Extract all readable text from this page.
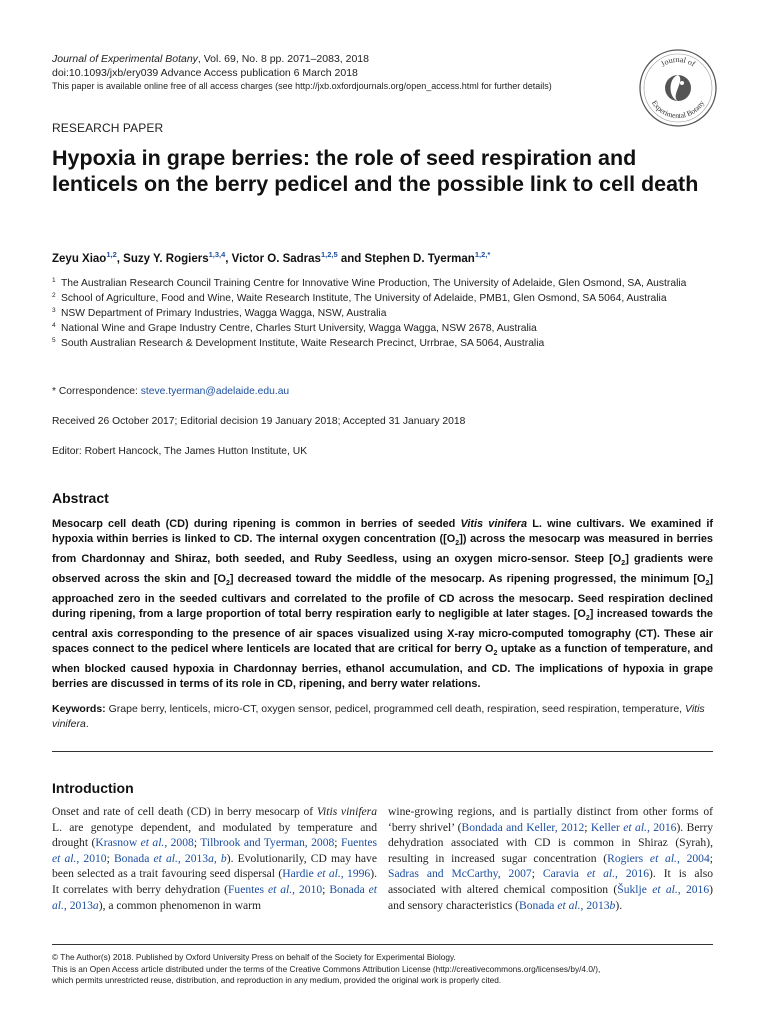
Journal of Experimental Botany, Vol. 69, No. 8 pp. 2071–2083, 2018
doi:10.1093/jxb/ery039 Advance Access publication 6 March 2018
This paper is available online free of all access charges (see http://jxb.oxfordjournals.org/open_access.html for further details)
Journal of
Experimental Botany
RESEARCH PAPER
Hypoxia in grape berries: the role of seed respiration and lenticels on the berry pedicel and the possible link to cell death
Zeyu Xiao$^{1,2}$, Suzy Y. Rogiers$^{1,3,4}$, Victor O. Sadras$^{1,2,5}$ and Stephen D. Tyerman$^{1,2,*}$
1 The Australian Research Council Training Centre for Innovative Wine Production, The University of Adelaide, Glen Osmond, SA, Australia
2 School of Agriculture, Food and Wine, Waite Research Institute, The University of Adelaide, PMB1, Glen Osmond, SA 5064, Australia
3 NSW Department of Primary Industries, Wagga Wagga, NSW, Australia
4 National Wine and Grape Industry Centre, Charles Sturt University, Wagga Wagga, NSW 2678, Australia
5 South Australian Research & Development Institute, Waite Research Precinct, Urrbrae, SA 5064, Australia
* Correspondence: steve.tyerman@adelaide.edu.au
Received 26 October 2017; Editorial decision 19 January 2018; Accepted 31 January 2018
Editor: Robert Hancock, The James Hutton Institute, UK
Abstract
Mesocarp cell death (CD) during ripening is common in berries of seeded Vitis vinifera L. wine cultivars. We examined if hypoxia within berries is linked to CD. The internal oxygen concentration $([O_2])$ across the mesocarp was measured in berries from Chardonnay and Shiraz, both seeded, and Ruby Seedless, using an oxygen micro-sensor. Steep $[O_2]$ gradients were observed across the skin and $[O_2]$ decreased toward the middle of the mesocarp. As ripening progressed, the minimum $[O_2]$ approached zero in the seeded cultivars and correlated to the profile of CD across the mesocarp. Seed respiration declined during ripening, from a large proportion of total berry respiration early to negligible at later stages. $[O_2]$ increased towards the central axis corresponding to the presence of air spaces visualized using X-ray micro-computed tomography (CT). These air spaces connect to the pedicel where lenticels are located that are critical for berry $O_2$ uptake as a function of temperature, and when blocked caused hypoxia in Chardonnay berries, ethanol accumulation, and CD. The implications of hypoxia in grape berries are discussed in terms of its role in CD, ripening, and berry water relations.
Keywords: Grape berry, lenticels, micro-CT, oxygen sensor, pedicel, programmed cell death, respiration, seed respiration, temperature, Vitis vinifera.
Introduction
Onset and rate of cell death (CD) in berry mesocarp of Vitis vinifera L. are genotype dependent, and modulated by temperature and drought (Krasnow et al., 2008; Tilbrook and Tyerman, 2008; Fuentes et al., 2010; Bonada et al., 2013a, b). Evolutionarily, CD may have been selected as a trait favouring seed dispersal (Hardie et al., 1996). It correlates with berry dehydration (Fuentes et al., 2010; Bonada et al., 2013a), a common phenomenon in warm
wine-growing regions, and is partially distinct from other forms of ‘berry shrivel’ (Bondada and Keller, 2012; Keller et al., 2016). Berry dehydration associated with CD is common in Shiraz (Syrah), resulting in increased sugar concentration (Rogiers et al., 2004; Sadras and McCarthy, 2007; Caravia et al., 2016). It is also associated with altered chemical composition (Šuklje et al., 2016) and sensory characteristics (Bonada et al., 2013b).
© The Author(s) 2018. Published by Oxford University Press on behalf of the Society for Experimental Biology.
This is an Open Access article distributed under the terms of the Creative Commons Attribution License (http://creativecommons.org/licenses/by/4.0/),
which permits unrestricted reuse, distribution, and reproduction in any medium, provided the original work is properly cited.
